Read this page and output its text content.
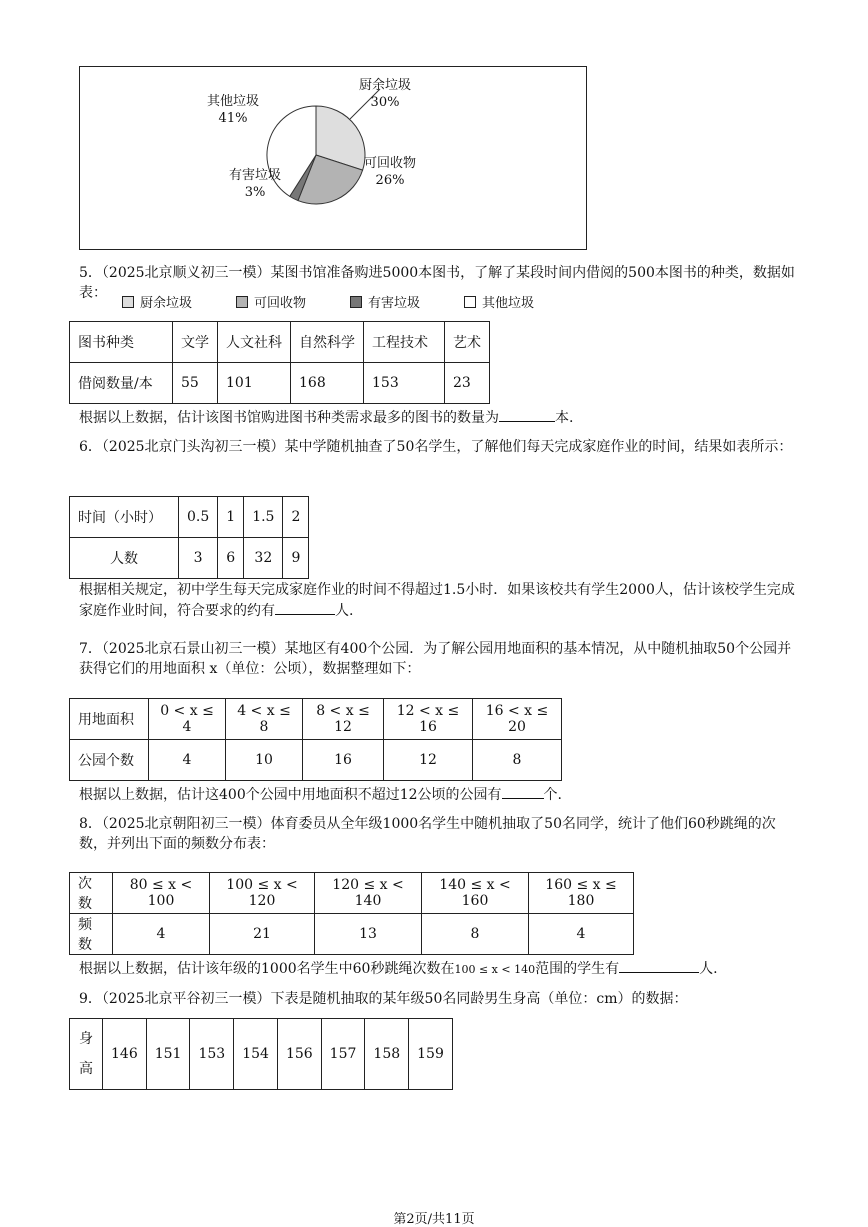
厨余垃圾
30%
可回收物
26%
有害垃圾
3%
其他垃圾
41%
厨余垃圾	可回收物	有害垃圾	其他垃圾
5．（2025北京顺义初三一模）某图书馆准备购进5000本图书，了解了某段时间内借阅的500本图书的种类，数据如表：
图书种类	文学	人文社科	自然科学	工程技术	艺术
借阅数量/本	55	101	168	153	23
根据以上数据，估计该图书馆购进图书种类需求最多的图书的数量为	本.
6．（2025北京门头沟初三一模）某中学随机抽查了50名学生，了解他们每天完成家庭作业的时间，结果如表所示：
时间（小时）	0.5	1	1.5	2
人数	3	6	32	9
根据相关规定，初中学生每天完成家庭作业的时间不得超过1.5小时．如果该校共有学生2000人，估计该校学生完成家庭作业时间，符合要求的约有	人.
7．（2025北京石景山初三一模）某地区有400个公园．为了解公园用地面积的基本情况，从中随机抽取50个公园并获得它们的用地面积 x（单位：公顷），数据整理如下：
用地面积	0 < x ≤ 4	4 < x ≤ 8	8 < x ≤ 12	12 < x ≤ 16	16 < x ≤ 20
公园个数	4	10	16	12	8
根据以上数据，估计这400个公园中用地面积不超过12公顷的公园有	个.
8．（2025北京朝阳初三一模）体育委员从全年级1000名学生中随机抽取了50名同学，统计了他们60秒跳绳的次数，并列出下面的频数分布表：
次数	80 ≤ x < 100	100 ≤ x < 120	120 ≤ x < 140	140 ≤ x < 160	160 ≤ x ≤ 180
频数	4	21	13	8	4
根据以上数据，估计该年级的1000名学生中60秒跳绳次数在100 ≤ x < 140范围的学生有	人.
9．（2025北京平谷初三一模）下表是随机抽取的某年级50名同龄男生身高（单位：cm）的数据：
身
高
	146	151	153	154	156	157	158	159
第2页/共11页
